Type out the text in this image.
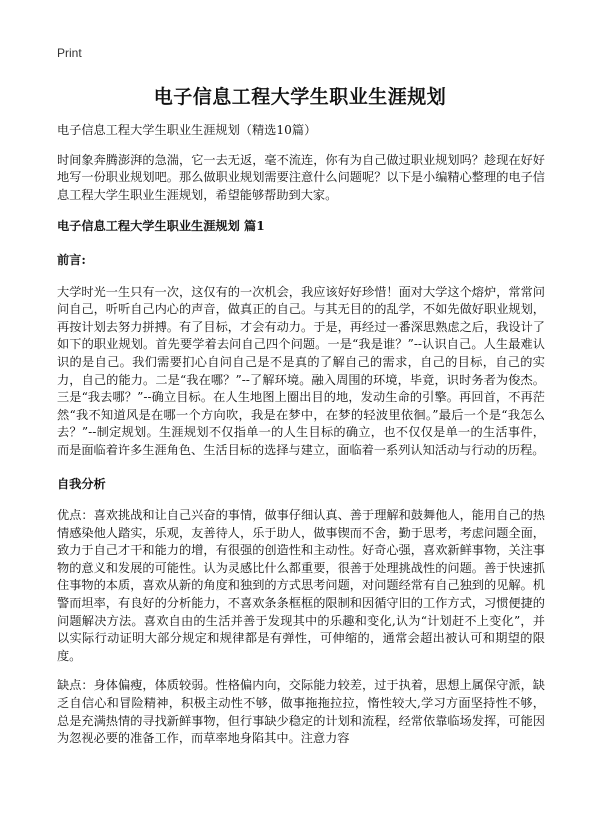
Print
电子信息工程大学生职业生涯规划

电子信息工程大学生职业生涯规划（精选10篇）

时间象奔腾澎湃的急湍，它一去无返，毫不流连，你有为自己做过职业规划吗？趁现在好好地写一份职业规划吧。那么做职业规划需要注意什么问题呢？以下是小编精心整理的电子信息工程大学生职业生涯规划，希望能够帮助到大家。

电子信息工程大学生职业生涯规划 篇1

前言:

大学时光一生只有一次，这仅有的一次机会，我应该好好珍惜！面对大学这个熔炉，常常问问自己，听听自己内心的声音，做真正的自己。与其无目的的乱学，不如先做好职业规划，再按计划去努力拼搏。有了目标，才会有动力。于是，再经过一番深思熟虑之后，我设计了如下的职业规划。首先要学着去问自己四个问题。一是“我是谁？”--认识自己。人生最难认识的是自己。我们需要扪心自问自己是不是真的了解自己的需求，自己的目标，自己的实力，自己的能力。二是“我在哪？”--了解环境。融入周围的环境，毕竟，识时务者为俊杰。三是“我去哪？”--确立目标。在人生地图上圈出目的地，发动生命的引擎。再回首，不再茫然“我不知道风是在哪一个方向吹，我是在梦中，在梦的轻波里依徊。”最后一个是“我怎么去？”--制定规划。生涯规划不仅指单一的人生目标的确立，也不仅仅是单一的生活事件，而是面临着许多生涯角色、生活目标的选择与建立，面临着一系列认知活动与行动的历程。

自我分析

优点：喜欢挑战和让自己兴奋的事情，做事仔细认真、善于理解和鼓舞他人，能用自己的热情感染他人踏实，乐观，友善待人，乐于助人，做事锲而不舍，勤于思考，考虑问题全面，致力于自己才干和能力的增，有很强的创造性和主动性。好奇心强，喜欢新鲜事物，关注事物的意义和发展的可能性。认为灵感比什么都重要，很善于处理挑战性的问题。善于快速抓住事物的本质，喜欢从新的角度和独到的方式思考问题，对问题经常有自己独到的见解。机警而坦率，有良好的分析能力，不喜欢条条框框的限制和因循守旧的工作方式，习惯便捷的问题解决方法。喜欢自由的生活并善于发现其中的乐趣和变化,认为“计划赶不上变化”，并以实际行动证明大部分规定和规律都是有弹性，可伸缩的，通常会超出被认可和期望的限度。

缺点：身体偏瘦，体质较弱。性格偏内向，交际能力较差，过于执着，思想上属保守派，缺乏自信心和冒险精神，积极主动性不够，做事拖拖拉拉，惰性较大,学习方面坚持性不够，总是充满热情的寻找新鲜事物，但行事缺少稳定的计划和流程，经常依靠临场发挥，可能因为忽视必要的准备工作，而草率地身陷其中。注意力容
